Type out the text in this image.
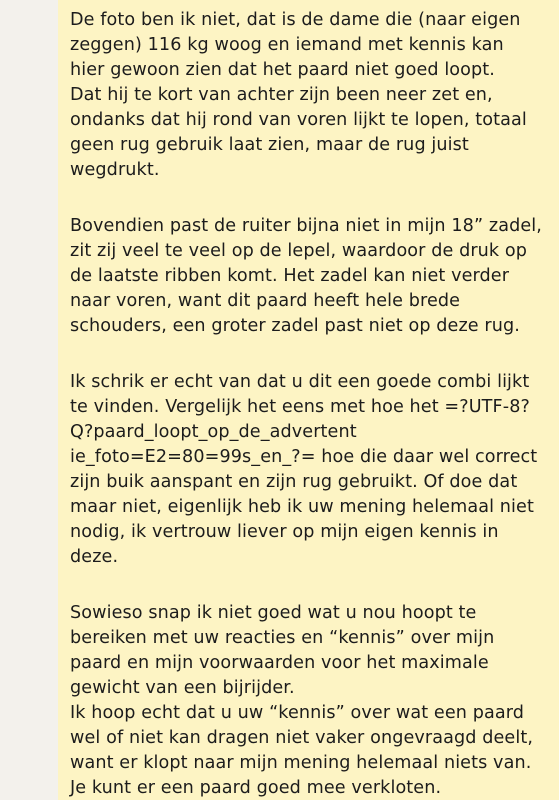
De foto ben ik niet, dat is de dame die (naar eigen
zeggen) 116 kg woog en iemand met kennis kan
hier gewoon zien dat het paard niet goed loopt.
Dat hij te kort van achter zijn been neer zet en,
ondanks dat hij rond van voren lijkt te lopen, totaal
geen rug gebruik laat zien, maar de rug juist
wegdrukt.

Bovendien past de ruiter bijna niet in mijn 18” zadel,
zit zij veel te veel op de lepel, waardoor de druk op
de laatste ribben komt. Het zadel kan niet verder
naar voren, want dit paard heeft hele brede
schouders, een groter zadel past niet op deze rug.

Ik schrik er echt van dat u dit een goede combi lijkt
te vinden. Vergelijk het eens met hoe het =?UTF-8?
Q?paard_loopt_op_de_advertent
ie_foto=E2=80=99s_en_?= hoe die daar wel correct
zijn buik aanspant en zijn rug gebruikt. Of doe dat
maar niet, eigenlijk heb ik uw mening helemaal niet
nodig, ik vertrouw liever op mijn eigen kennis in
deze.

Sowieso snap ik niet goed wat u nou hoopt te
bereiken met uw reacties en “kennis” over mijn
paard en mijn voorwaarden voor het maximale
gewicht van een bijrijder.
Ik hoop echt dat u uw “kennis” over wat een paard
wel of niet kan dragen niet vaker ongevraagd deelt,
want er klopt naar mijn mening helemaal niets van.
Je kunt er een paard goed mee verkloten.
